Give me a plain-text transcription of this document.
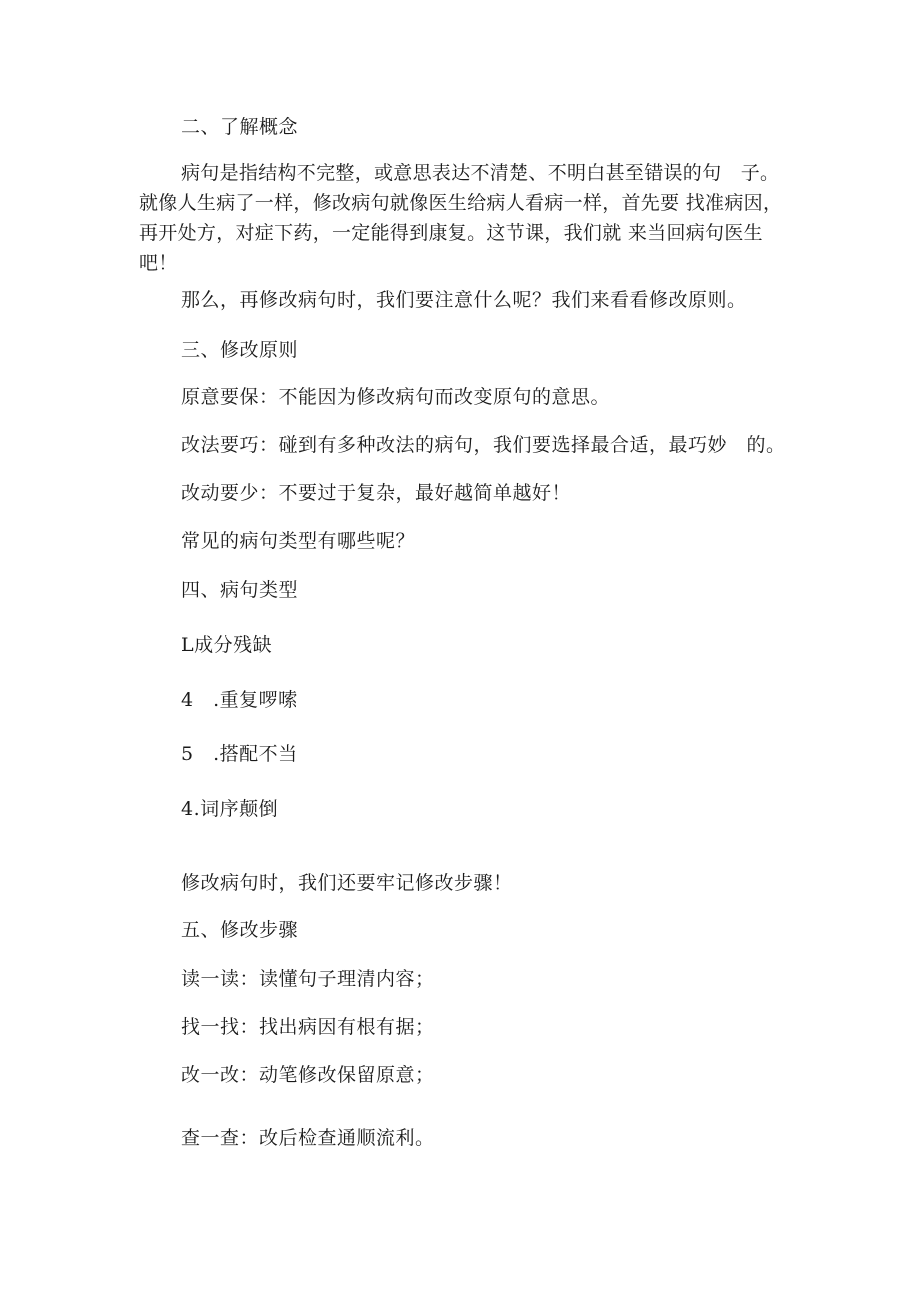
二、了解概念
病句是指结构不完整，或意思表达不清楚、不明白甚至错误的句　子。
就像人生病了一样，修改病句就像医生给病人看病一样，首先要 找准病因，
再开处方，对症下药，一定能得到康复。这节课，我们就 来当回病句医生
吧！
那么，再修改病句时，我们要注意什么呢？我们来看看修改原则。
三、修改原则
原意要保：不能因为修改病句而改变原句的意思。
改法要巧：碰到有多种改法的病句，我们要选择最合适，最巧妙　的。
改动要少：不要过于复杂，最好越简单越好！
常见的病句类型有哪些呢？
四、病句类型
L成分残缺
4　.重复啰嗦
5　.搭配不当
4.词序颠倒
修改病句时，我们还要牢记修改步骤！
五、修改步骤
读一读：读懂句子理清内容；
找一找：找出病因有根有据；
改一改：动笔修改保留原意；
查一查：改后检查通顺流利。
